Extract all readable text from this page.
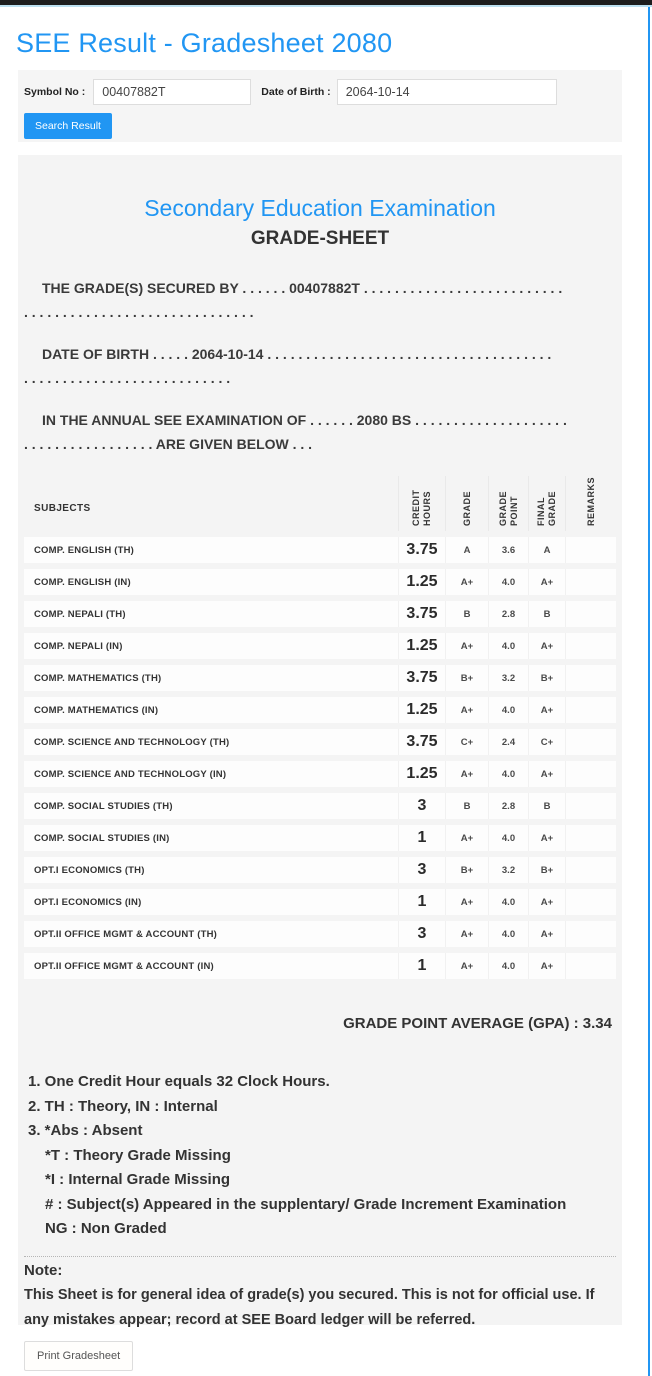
SEE Result - Gradesheet 2080
Symbol No :
00407882T	Date of Birth :
2064-10-14
Search Result
Secondary Education Examination
GRADE-SHEET
THE GRADE(S) SECURED BY . . . . . . 00407882T . . . . . . . . . . . . . . . . . . . . . . . . . .
. . . . . . . . . . . . . . . . . . . . . . . . . . . . . .
DATE OF BIRTH . . . . . 2064-10-14 . . . . . . . . . . . . . . . . . . . . . . . . . . . . . . . . . . . . .
. . . . . . . . . . . . . . . . . . . . . . . . . . .
IN THE ANNUAL SEE EXAMINATION OF . . . . . . 2080 BS . . . . . . . . . . . . . . . . . . . .
. . . . . . . . . . . . . . . . . ARE GIVEN BELOW . . .
SUBJECTS	CREDIT HOURS	GRADE	GRADE POINT	FINAL GRADE	REMARKS
COMP. ENGLISH (TH)	3.75	A	3.6	A	
COMP. ENGLISH (IN)	1.25	A+	4.0	A+	
COMP. NEPALI (TH)	3.75	B	2.8	B	
COMP. NEPALI (IN)	1.25	A+	4.0	A+	
COMP. MATHEMATICS (TH)	3.75	B+	3.2	B+	
COMP. MATHEMATICS (IN)	1.25	A+	4.0	A+	
COMP. SCIENCE AND TECHNOLOGY (TH)	3.75	C+	2.4	C+	
COMP. SCIENCE AND TECHNOLOGY (IN)	1.25	A+	4.0	A+	
COMP. SOCIAL STUDIES (TH)	3	B	2.8	B	
COMP. SOCIAL STUDIES (IN)	1	A+	4.0	A+	
OPT.I ECONOMICS (TH)	3	B+	3.2	B+	
OPT.I ECONOMICS (IN)	1	A+	4.0	A+	
OPT.II OFFICE MGMT & ACCOUNT (TH)	3	A+	4.0	A+	
OPT.II OFFICE MGMT & ACCOUNT (IN)	1	A+	4.0	A+	
GRADE POINT AVERAGE (GPA) : 3.34
1. One Credit Hour equals 32 Clock Hours.
2. TH : Theory, IN : Internal
3. *Abs : Absent
*T : Theory Grade Missing
*I : Internal Grade Missing
# : Subject(s) Appeared in the supplentary/ Grade Increment Examination
NG : Non Graded
Note:
This Sheet is for general idea of grade(s) you secured. This is not for official use. If any mistakes appear; record at SEE Board ledger will be referred.
Print Gradesheet
